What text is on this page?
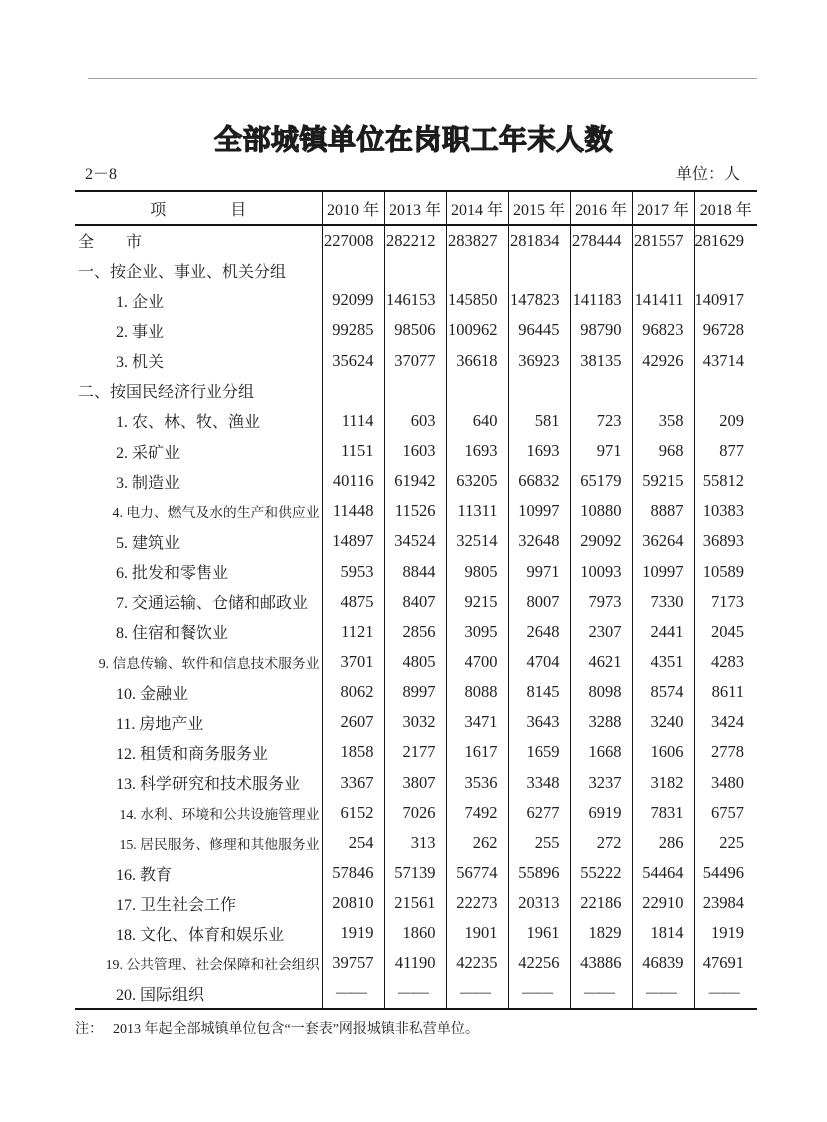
全部城镇单位在岗职工年末人数
2－8	单位：人
项　　　　目	2010 年	2013 年	2014 年	2015 年	2016 年	2017 年	2018 年
全　　市	227008	282212	283827	281834	278444	281557	281629
一、按企业、事业、机关分组							
1. 企业	92099	146153	145850	147823	141183	141411	140917
2. 事业	99285	98506	100962	96445	98790	96823	96728
3. 机关	35624	37077	36618	36923	38135	42926	43714
二、按国民经济行业分组							
1. 农、林、牧、渔业	1114	603	640	581	723	358	209
2. 采矿业	1151	1603	1693	1693	971	968	877
3. 制造业	40116	61942	63205	66832	65179	59215	55812
4. 电力、燃气及水的生产和供应业	11448	11526	11311	10997	10880	8887	10383
5. 建筑业	14897	34524	32514	32648	29092	36264	36893
6. 批发和零售业	5953	8844	9805	9971	10093	10997	10589
7. 交通运输、仓储和邮政业	4875	8407	9215	8007	7973	7330	7173
8. 住宿和餐饮业	1121	2856	3095	2648	2307	2441	2045
9. 信息传输、软件和信息技术服务业	3701	4805	4700	4704	4621	4351	4283
10. 金融业	8062	8997	8088	8145	8098	8574	8611
11. 房地产业	2607	3032	3471	3643	3288	3240	3424
12. 租赁和商务服务业	1858	2177	1617	1659	1668	1606	2778
13. 科学研究和技术服务业	3367	3807	3536	3348	3237	3182	3480
14. 水利、环境和公共设施管理业	6152	7026	7492	6277	6919	7831	6757
15. 居民服务、修理和其他服务业	254	313	262	255	272	286	225
16. 教育	57846	57139	56774	55896	55222	54464	54496
17. 卫生社会工作	20810	21561	22273	20313	22186	22910	23984
18. 文化、体育和娱乐业	1919	1860	1901	1961	1829	1814	1919
19. 公共管理、社会保障和社会组织	39757	41190	42235	42256	43886	46839	47691
20. 国际组织	——	——	——	——	——	——	——
注： 2013 年起全部城镇单位包含“一套表”网报城镇非私营单位。
